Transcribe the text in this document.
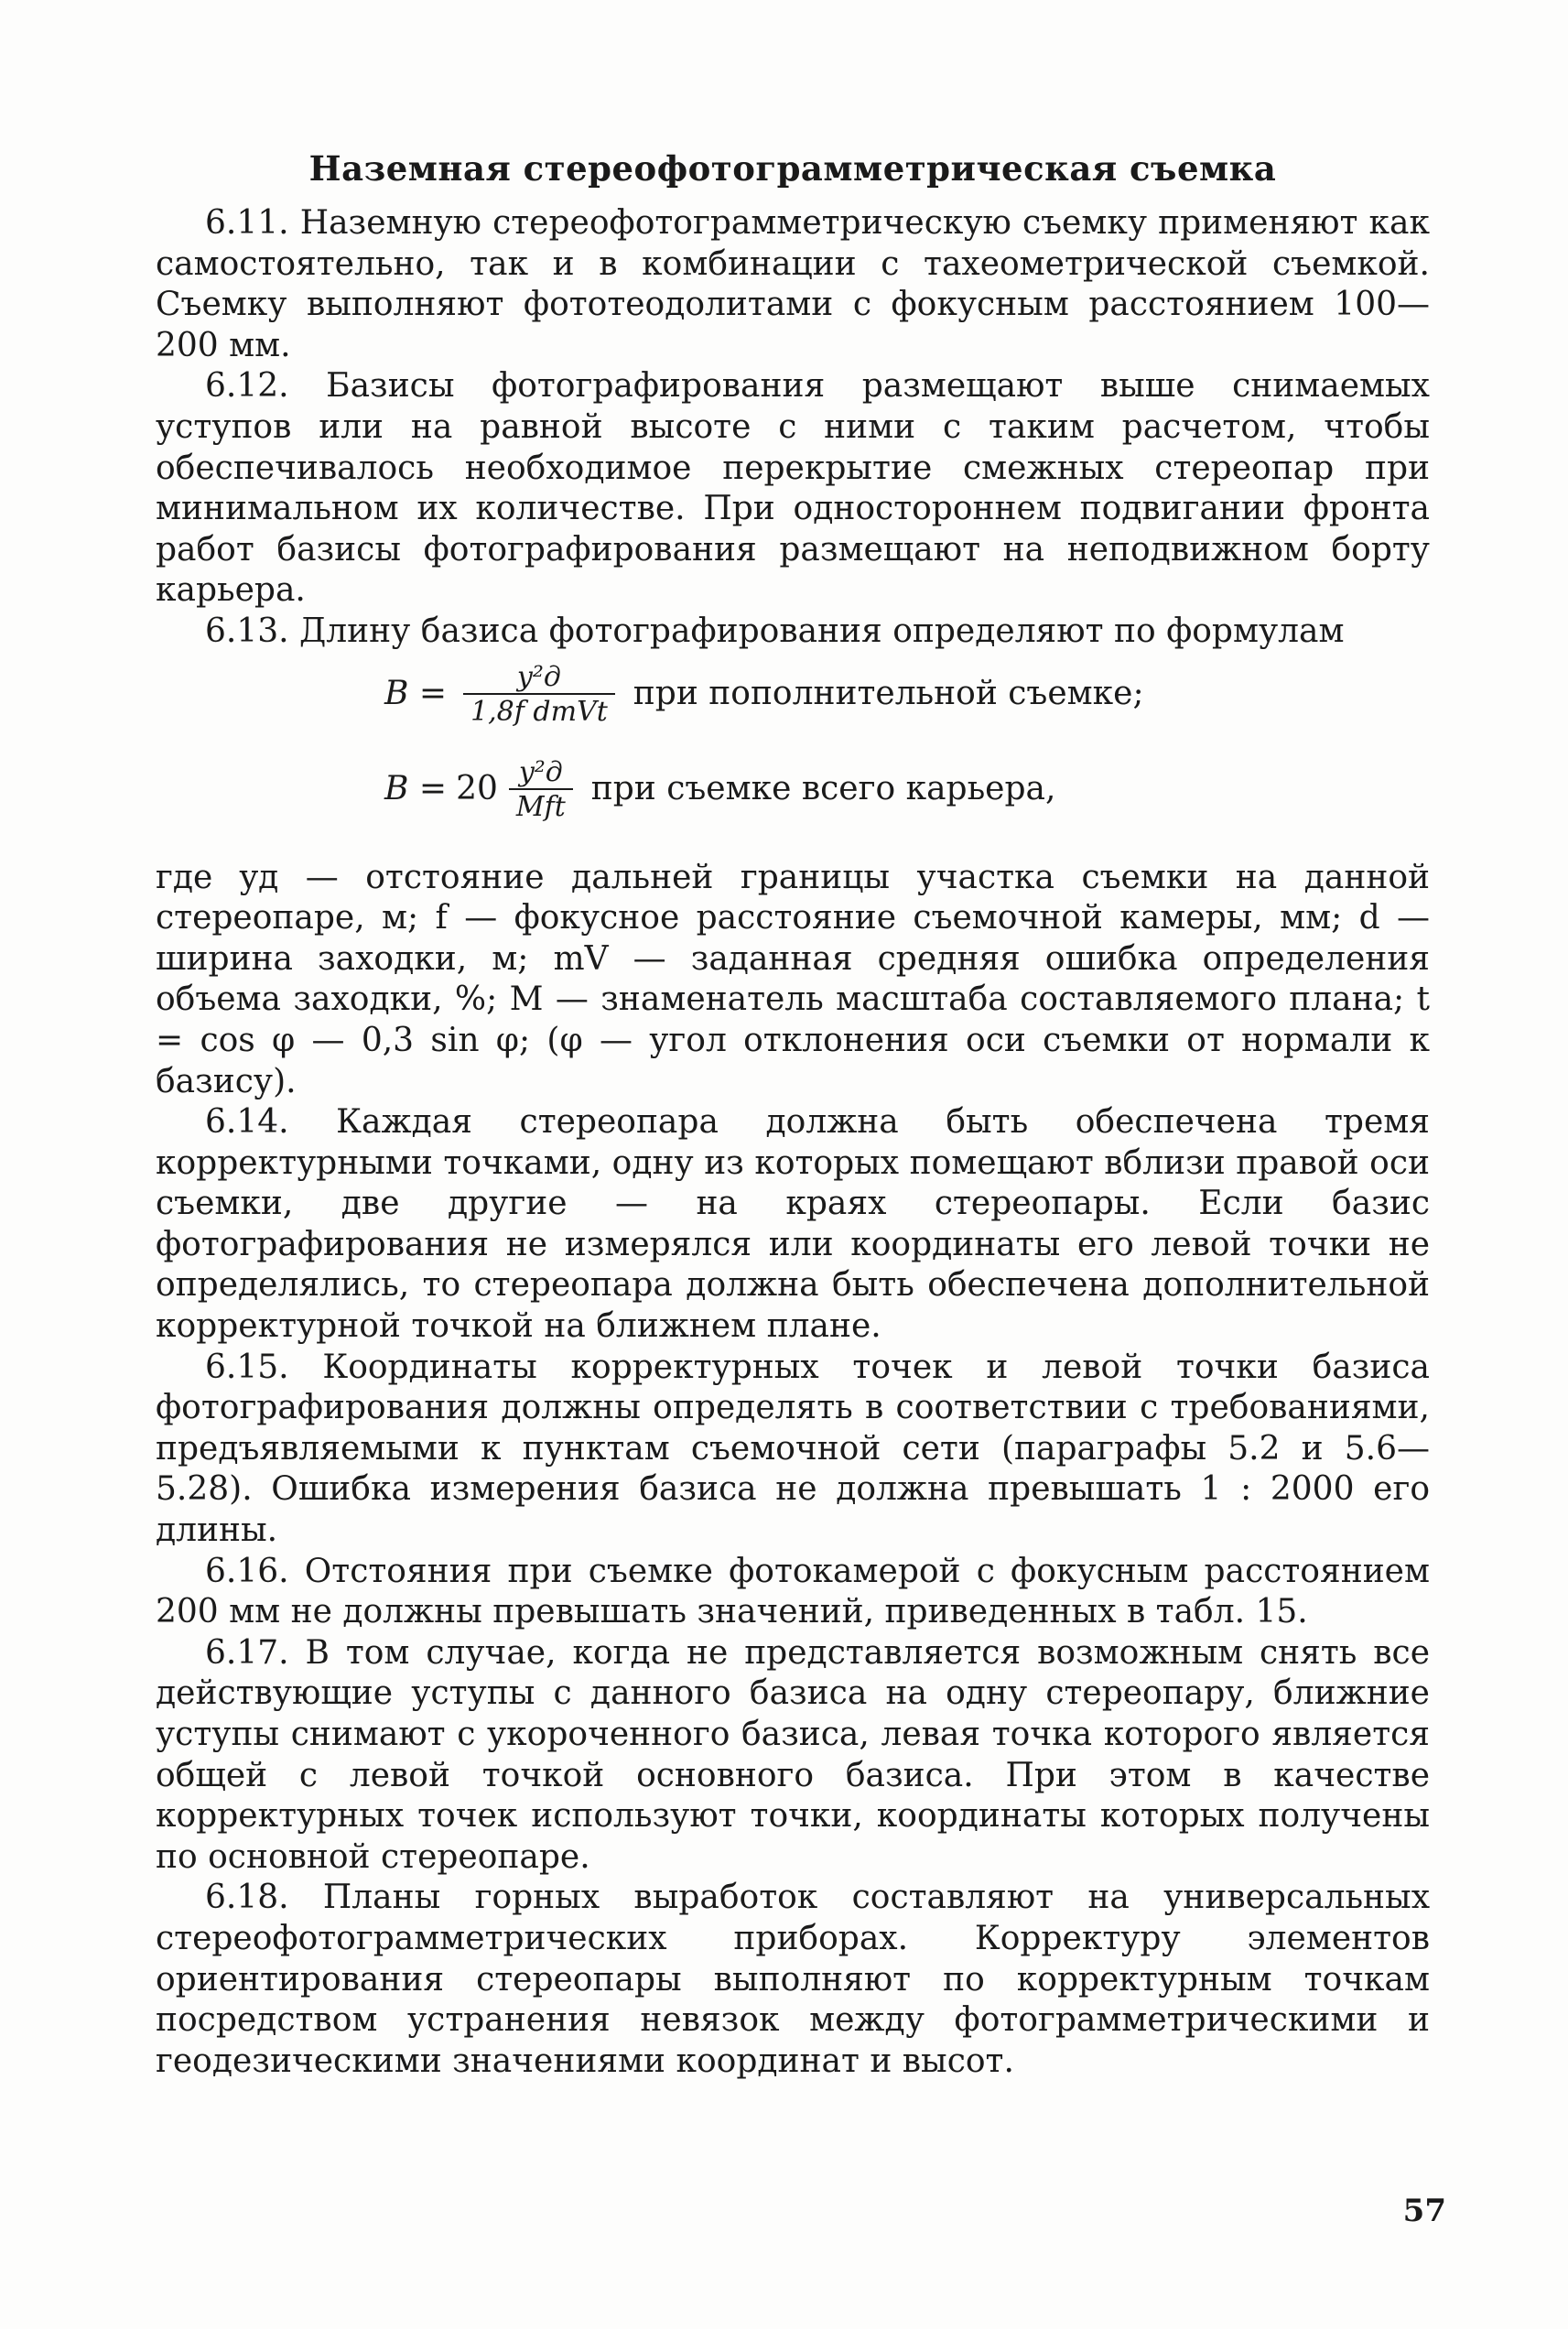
Наземная стереофотограмметрическая съемка

6.11. Наземную стереофотограмметрическую съемку применяют как самостоятельно, так и в комбинации с тахеометрической съемкой. Съемку выполняют фототеодолитами с фокусным расстоянием 100—200 мм.

6.12. Базисы фотографирования размещают выше снимаемых уступов или на равной высоте с ними с таким расчетом, чтобы обеспечивалось необходимое перекрытие смежных стереопар при минимальном их количестве. При одностороннем подвигании фронта работ базисы фотографирования размещают на неподвижном борту карьера.

6.13. Длину базиса фотографирования определяют по формулам

$B = \frac{\text{y²д}}{\text{1,8f dmVt}}$ при пополнительной съемке;
$B = 20 \frac{\text{y²д}}{\text{Mft}}$ при съемке всего карьера,

где yд — отстояние дальней границы участка съемки на данной стереопаре, м; f — фокусное расстояние съемочной камеры, мм; d — ширина заходки, м; mV — заданная средняя ошибка определения объема заходки, %; M — знаменатель масштаба составляемого плана; t = cos φ — 0,3 sin φ; (φ — угол отклонения оси съемки от нормали к базису).

6.14. Каждая стереопара должна быть обеспечена тремя корректурными точками, одну из которых помещают вблизи правой оси съемки, две другие — на краях стереопары. Если базис фотографирования не измерялся или координаты его левой точки не определялись, то стереопара должна быть обеспечена дополнительной корректурной точкой на ближнем плане.

6.15. Координаты корректурных точек и левой точки базиса фотографирования должны определять в соответствии с требованиями, предъявляемыми к пунктам съемочной сети (параграфы 5.2 и 5.6—5.28). Ошибка измерения базиса не должна превышать 1 : 2000 его длины.

6.16. Отстояния при съемке фотокамерой с фокусным расстоянием 200 мм не должны превышать значений, приведенных в табл. 15.

6.17. В том случае, когда не представляется возможным снять все действующие уступы с данного базиса на одну стереопару, ближние уступы снимают с укороченного базиса, левая точка которого является общей с левой точкой основного базиса. При этом в качестве корректурных точек используют точки, координаты которых получены по основной стереопаре.

6.18. Планы горных выработок составляют на универсальных стереофотограмметрических приборах. Корректуру элементов ориентирования стереопары выполняют по корректурным точкам посредством устранения невязок между фотограмметрическими и геодезическими значениями координат и высот.

57
